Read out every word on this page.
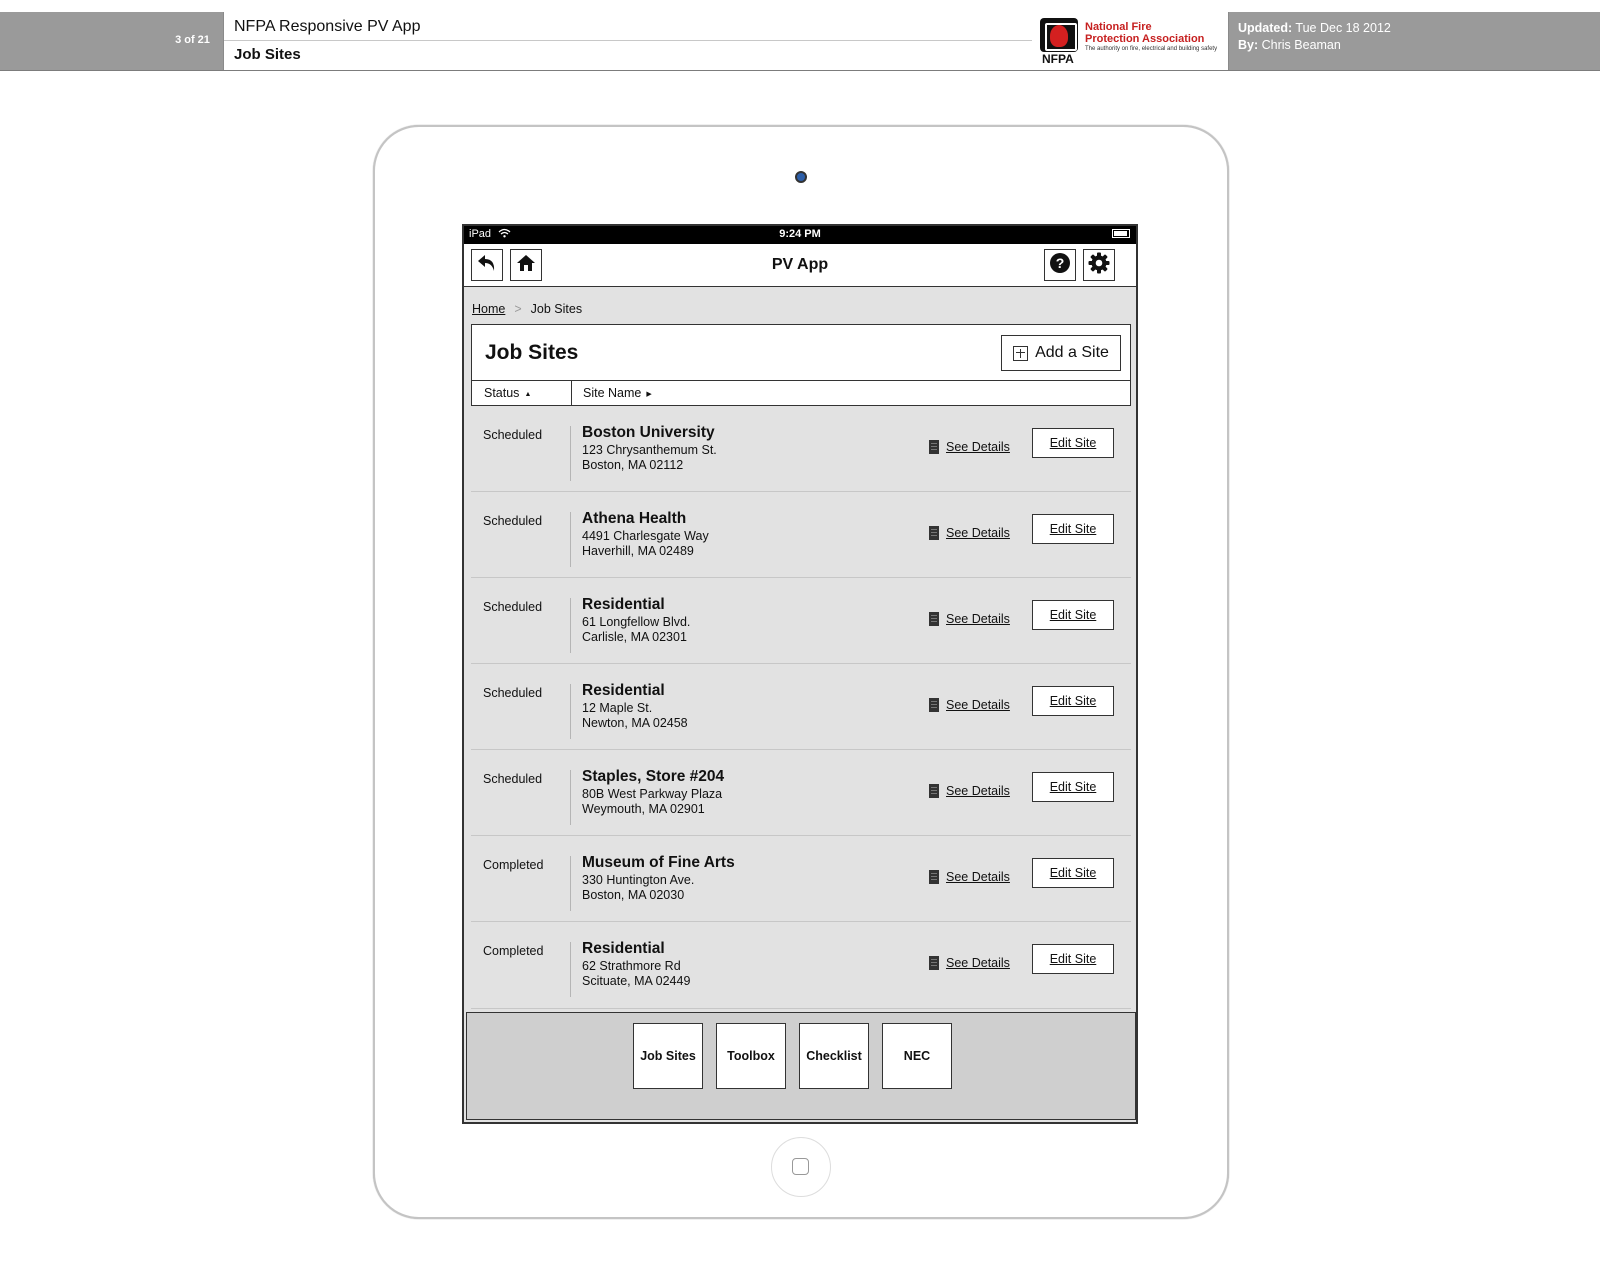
3 of 21
NFPA Responsive PV App
Job Sites	NFPA
National Fire
Protection Association
The authority on fire, electrical and building safety
Updated: Tue Dec 18 2012
By: Chris Beaman
iPad	9:24 PM
PV App	?
Home > Job Sites
Job Sites	Add a Site
Status ▲	Site Name ▶
Scheduled	Boston University
123 Chrysanthemum St.
Boston, MA 02112
See Details	Edit Site
Scheduled	Athena Health
4491 Charlesgate Way
Haverhill, MA 02489
See Details	Edit Site
Scheduled	Residential
61 Longfellow Blvd.
Carlisle, MA 02301
See Details	Edit Site
Scheduled	Residential
12 Maple St.
Newton, MA 02458
See Details	Edit Site
Scheduled	Staples, Store #204
80B West Parkway Plaza
Weymouth, MA 02901
See Details	Edit Site
Completed Museum of Fine Arts
330 Huntington Ave.
Boston, MA 02030
See Details	Edit Site
Completed Residential
62 Strathmore Rd
Scituate, MA 02449
See Details	Edit Site
Job Sites	Toolbox	Checklist	NEC
